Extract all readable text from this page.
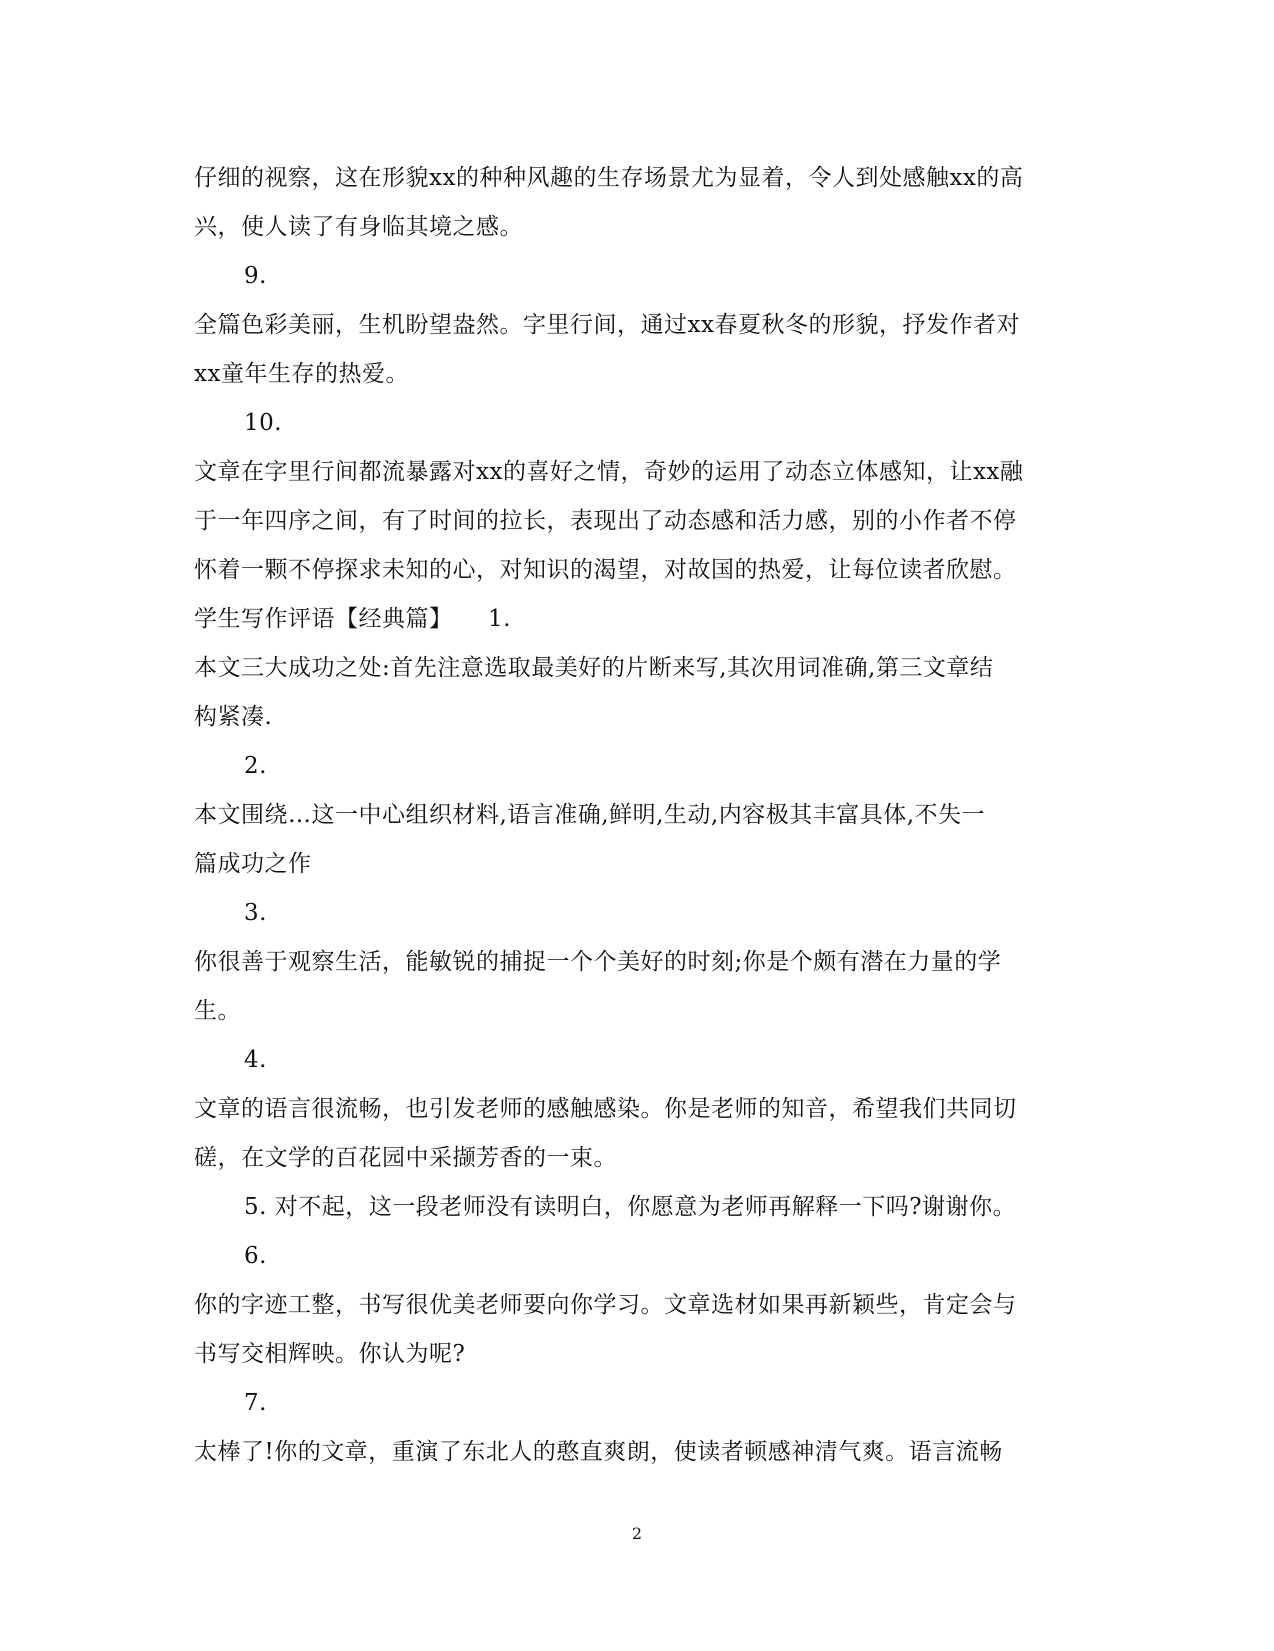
仔细的视察，这在形貌xx的种种风趣的生存场景尤为显着，令人到处感触xx的高
兴，使人读了有身临其境之感。
9.
全篇色彩美丽，生机盼望盎然。字里行间，通过xx春夏秋冬的形貌，抒发作者对
xx童年生存的热爱。
10.
文章在字里行间都流暴露对xx的喜好之情，奇妙的运用了动态立体感知，让xx融
于一年四序之间，有了时间的拉长，表现出了动态感和活力感，别的小作者不停
怀着一颗不停探求未知的心，对知识的渴望，对故国的热爱，让每位读者欣慰。
学生写作评语【经典篇】　　1.
本文三大成功之处:首先注意选取最美好的片断来写,其次用词准确,第三文章结
构紧凑.
2.
本文围绕…这一中心组织材料,语言准确,鲜明,生动,内容极其丰富具体,不失一
篇成功之作
3.
你很善于观察生活，能敏锐的捕捉一个个美好的时刻;你是个颇有潜在力量的学
生。
4.
文章的语言很流畅，也引发老师的感触感染。你是老师的知音，希望我们共同切
磋，在文学的百花园中采撷芳香的一束。
5. 对不起，这一段老师没有读明白，你愿意为老师再解释一下吗?谢谢你。
6.
你的字迹工整，书写很优美老师要向你学习。文章选材如果再新颖些，肯定会与
书写交相辉映。你认为呢?
7.
太棒了!你的文章，重演了东北人的憨直爽朗，使读者顿感神清气爽。语言流畅
2
